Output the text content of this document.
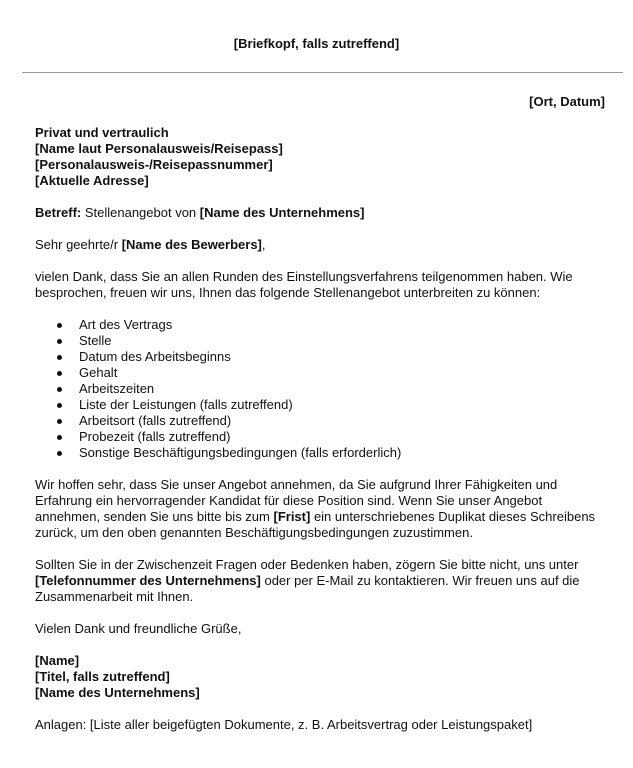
[Briefkopf, falls zutreffend]
[Ort, Datum]
Privat und vertraulich
[Name laut Personalausweis/Reisepass]
[Personalausweis-/Reisepassnummer]
[Aktuelle Adresse]
Betreff: Stellenangebot von [Name des Unternehmens]
Sehr geehrte/r [Name des Bewerbers],
vielen Dank, dass Sie an allen Runden des Einstellungsverfahrens teilgenommen haben. Wie besprochen, freuen wir uns, Ihnen das folgende Stellenangebot unterbreiten zu können:
Art des Vertrags
Stelle
Datum des Arbeitsbeginns
Gehalt
Arbeitszeiten
Liste der Leistungen (falls zutreffend)
Arbeitsort (falls zutreffend)
Probezeit (falls zutreffend)
Sonstige Beschäftigungsbedingungen (falls erforderlich)
Wir hoffen sehr, dass Sie unser Angebot annehmen, da Sie aufgrund Ihrer Fähigkeiten und Erfahrung ein hervorragender Kandidat für diese Position sind. Wenn Sie unser Angebot annehmen, senden Sie uns bitte bis zum [Frist] ein unterschriebenes Duplikat dieses Schreibens zurück, um den oben genannten Beschäftigungsbedingungen zuzustimmen.
Sollten Sie in der Zwischenzeit Fragen oder Bedenken haben, zögern Sie bitte nicht, uns unter [Telefonnummer des Unternehmens] oder per E-Mail zu kontaktieren. Wir freuen uns auf die Zusammenarbeit mit Ihnen.
Vielen Dank und freundliche Grüße,
[Name]
[Titel, falls zutreffend]
[Name des Unternehmens]
Anlagen: [Liste aller beigefügten Dokumente, z. B. Arbeitsvertrag oder Leistungspaket]
